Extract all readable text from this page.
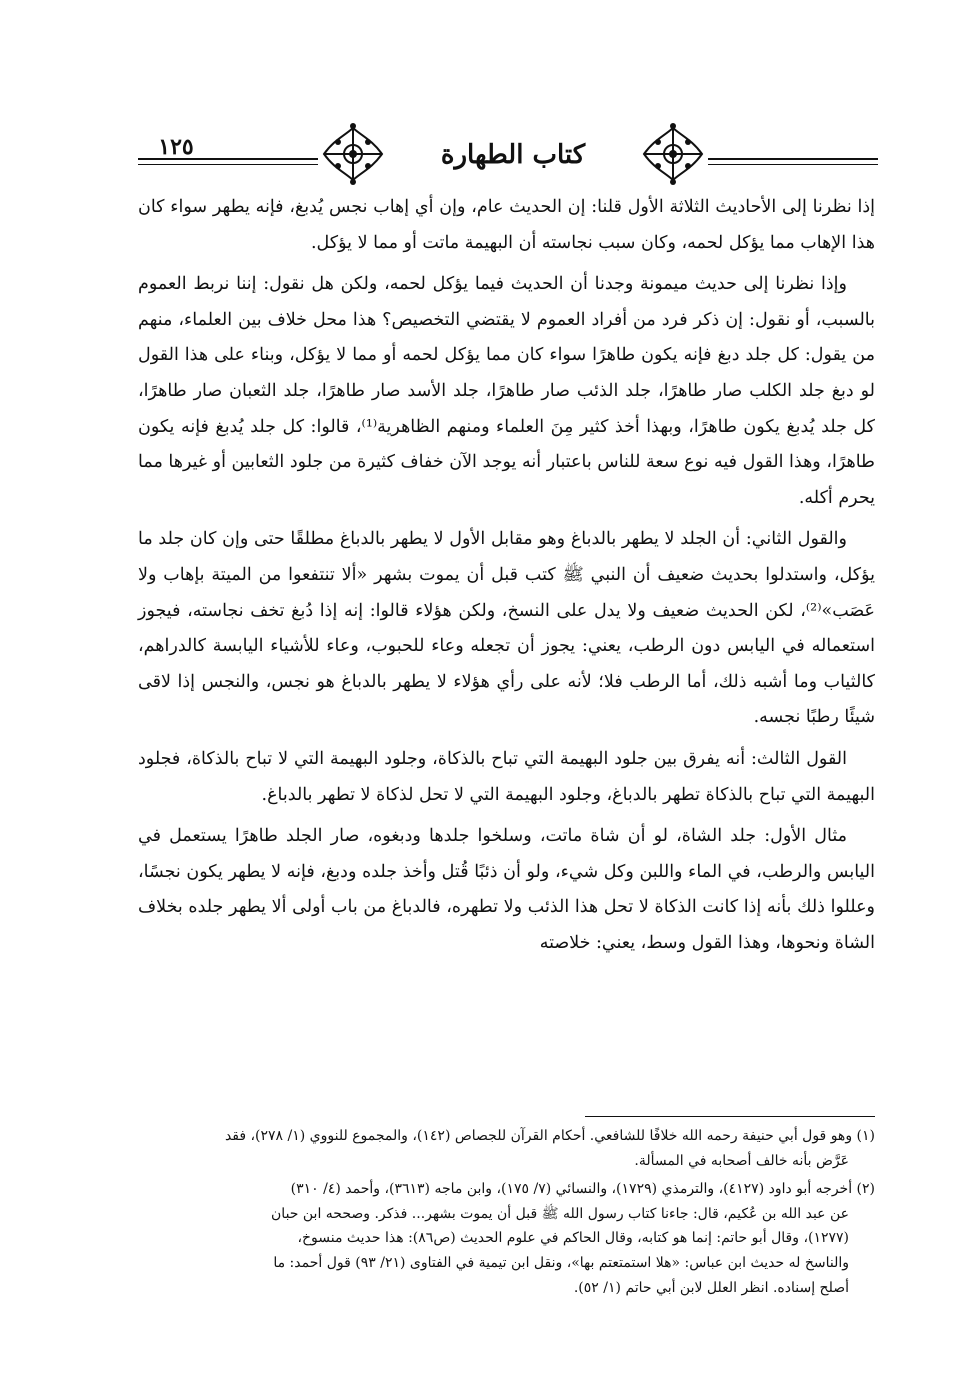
١٢٥	كتاب الطهارة

إذا نظرنا إلى الأحاديث الثلاثة الأول قلنا: إن الحديث عام، وإن أي إهاب نجس يُدبغ، فإنه يطهر سواء كان هذا الإهاب مما يؤكل لحمه، وكان سبب نجاسته أن البهيمة ماتت أو مما لا يؤكل.

وإذا نظرنا إلى حديث ميمونة وجدنا أن الحديث فيما يؤكل لحمه، ولكن هل نقول: إننا نربط العموم بالسبب، أو نقول: إن ذكر فرد من أفراد العموم لا يقتضي التخصيص؟ هذا محل خلاف بين العلماء، منهم من يقول: كل جلد دبغ فإنه يكون طاهرًا سواء كان مما يؤكل لحمه أو مما لا يؤكل، وبناء على هذا القول لو دبغ جلد الكلب صار طاهرًا، جلد الذئب صار طاهرًا، جلد الأسد صار طاهرًا، جلد الثعبان صار طاهرًا، كل جلد يُدبغ يكون طاهرًا، وبهذا أخذ كثير مِنَ العلماء ومنهم الظاهرية⁽¹⁾، قالوا: كل جلد يُدبغ فإنه يكون طاهرًا، وهذا القول فيه نوع سعة للناس باعتبار أنه يوجد الآن خفاف كثيرة من جلود الثعابين أو غيرها مما يحرم أكله.

والقول الثاني: أن الجلد لا يطهر بالدباغ وهو مقابل الأول لا يطهر بالدباغ مطلقًا حتى وإن كان جلد ما يؤكل، واستدلوا بحديث ضعيف أن النبي ﷺ كتب قبل أن يموت بشهر «ألا تنتفعوا من الميتة بإهاب ولا عَصَب»⁽²⁾، لكن الحديث ضعيف ولا يدل على النسخ، ولكن هؤلاء قالوا: إنه إذا دُبغ تخف نجاسته، فيجوز استعماله في اليابس دون الرطب، يعني: يجوز أن تجعله وعاء للحبوب، وعاء للأشياء اليابسة كالدراهم، كالثياب وما أشبه ذلك، أما الرطب فلا؛ لأنه على رأي هؤلاء لا يطهر بالدباغ هو نجس، والنجس إذا لاقى شيئًا رطبًا نجسه.

القول الثالث: أنه يفرق بين جلود البهيمة التي تباح بالذكاة، وجلود البهيمة التي لا تباح بالذكاة، فجلود البهيمة التي تباح بالذكاة تطهر بالدباغ، وجلود البهيمة التي لا تحل لذكاة لا تطهر بالدباغ.

مثال الأول: جلد الشاة، لو أن شاة ماتت، وسلخوا جلدها ودبغوه، صار الجلد طاهرًا يستعمل في اليابس والرطب، في الماء واللبن وكل شيء، ولو أن ذئبًا قُتل وأخذ جلده ودبغ، فإنه لا يطهر يكون نجسًا، وعللوا ذلك بأنه إذا كانت الذكاة لا تحل هذا الذئب ولا تطهره، فالدباغ من باب أولى ألا يطهر جلده بخلاف الشاة ونحوها، وهذا القول وسط، يعني: خلاصته

(١) وهو قول أبي حنيفة رحمه الله خلافًا للشافعي. أحكام القرآن للجصاص (١٤٢)، والمجموع للنووي (١/ ٢٧٨)، فقد
عَرَّض بأنه خالف أصحابه في المسألة.
(٢) أخرجه أبو داود (٤١٢٧)، والترمذي (١٧٢٩)، والنسائي (٧/ ١٧٥)، وابن ماجه (٣٦١٣)، وأحمد (٤/ ٣١٠)
عن عبد الله بن عُكيم، قال: جاءنا كتاب رسول الله ﷺ قبل أن يموت بشهر... فذكر. وصححه ابن حبان
(١٢٧٧)، وقال أبو حاتم: إنما هو كتابه، وقال الحاكم في علوم الحديث (ص٨٦): هذا حديث منسوخ،
والناسخ له حديث ابن عباس: «هلا استمتعتم بها»، ونقل ابن تيمية في الفتاوى (٢١/ ٩٣) قول أحمد: ما
أصلح إسناده. انظر العلل لابن أبي حاتم (١/ ٥٢).
